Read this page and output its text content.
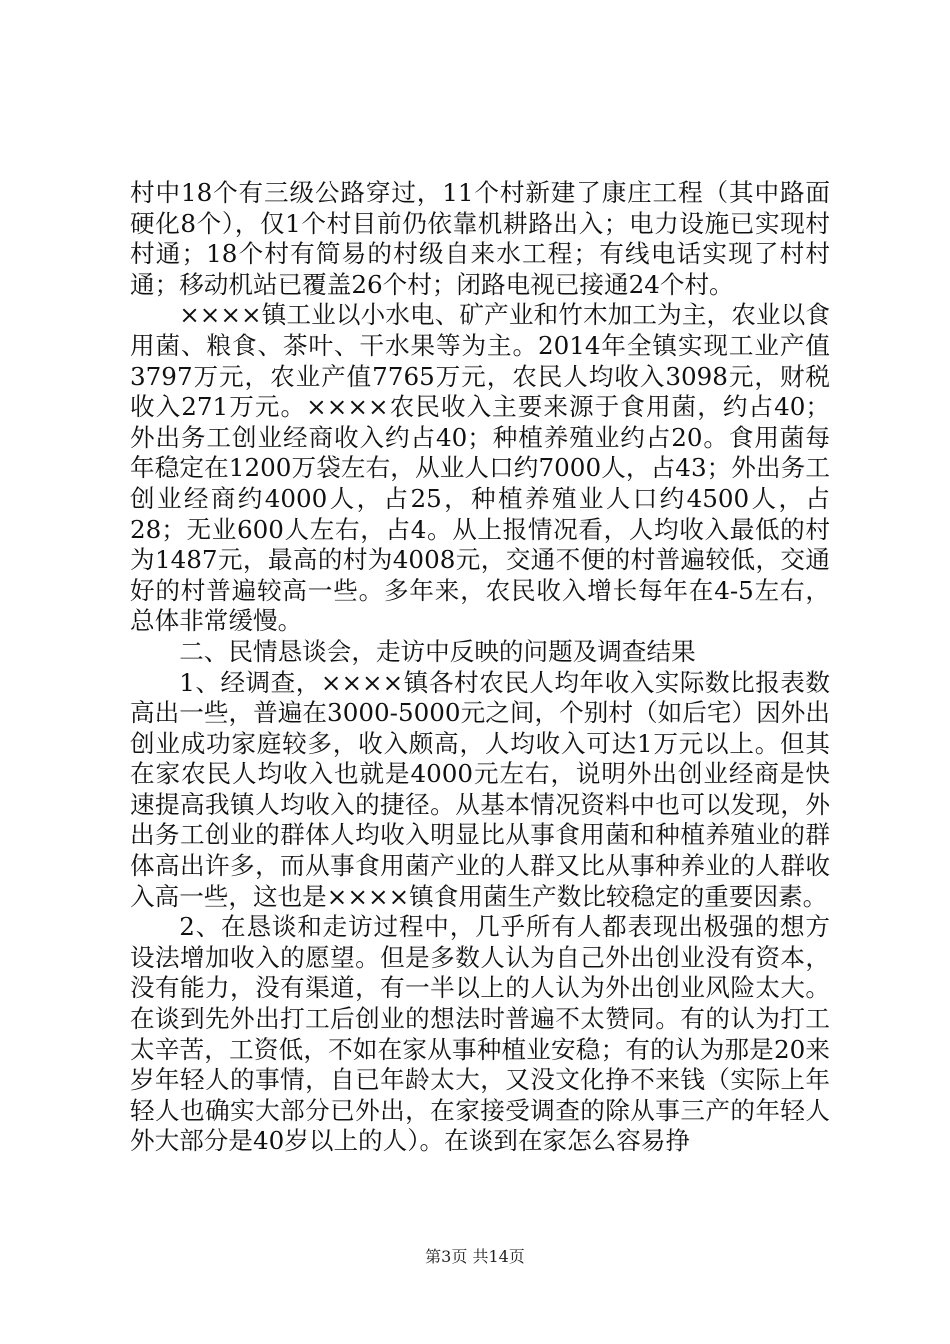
村中18个有三级公路穿过，11个村新建了康庄工程（其中路面硬化8个），仅1个村目前仍依靠机耕路出入；电力设施已实现村村通；18个村有简易的村级自来水工程；有线电话实现了村村通；移动机站已覆盖26个村；闭路电视已接通24个村。

××××镇工业以小水电、矿产业和竹木加工为主，农业以食用菌、粮食、茶叶、干水果等为主。2014年全镇实现工业产值3797万元，农业产值7765万元，农民人均收入3098元，财税收入271万元。××××农民收入主要来源于食用菌，约占40；外出务工创业经商收入约占40；种植养殖业约占20。食用菌每年稳定在1200万袋左右，从业人口约7000人，占43；外出务工创业经商约4000人，占25，种植养殖业人口约4500人，占28；无业600人左右，占4。从上报情况看，人均收入最低的村为1487元，最高的村为4008元，交通不便的村普遍较低，交通好的村普遍较高一些。多年来，农民收入增长每年在4-5左右，总体非常缓慢。

二、民情恳谈会，走访中反映的问题及调查结果

1、经调查，××××镇各村农民人均年收入实际数比报表数高出一些，普遍在3000-5000元之间，个别村（如后宅）因外出创业成功家庭较多，收入颇高，人均收入可达1万元以上。但其在家农民人均收入也就是4000元左右，说明外出创业经商是快速提高我镇人均收入的捷径。从基本情况资料中也可以发现，外出务工创业的群体人均收入明显比从事食用菌和种植养殖业的群体高出许多，而从事食用菌产业的人群又比从事种养业的人群收入高一些，这也是××××镇食用菌生产数比较稳定的重要因素。

2、在恳谈和走访过程中，几乎所有人都表现出极强的想方设法增加收入的愿望。但是多数人认为自己外出创业没有资本，没有能力，没有渠道，有一半以上的人认为外出创业风险太大。在谈到先外出打工后创业的想法时普遍不太赞同。有的认为打工太辛苦，工资低，不如在家从事种植业安稳；有的认为那是20来岁年轻人的事情，自已年龄太大，又没文化挣不来钱（实际上年轻人也确实大部分已外出，在家接受调查的除从事三产的年轻人外大部分是40岁以上的人）。在谈到在家怎么容易挣

第3页 共14页
